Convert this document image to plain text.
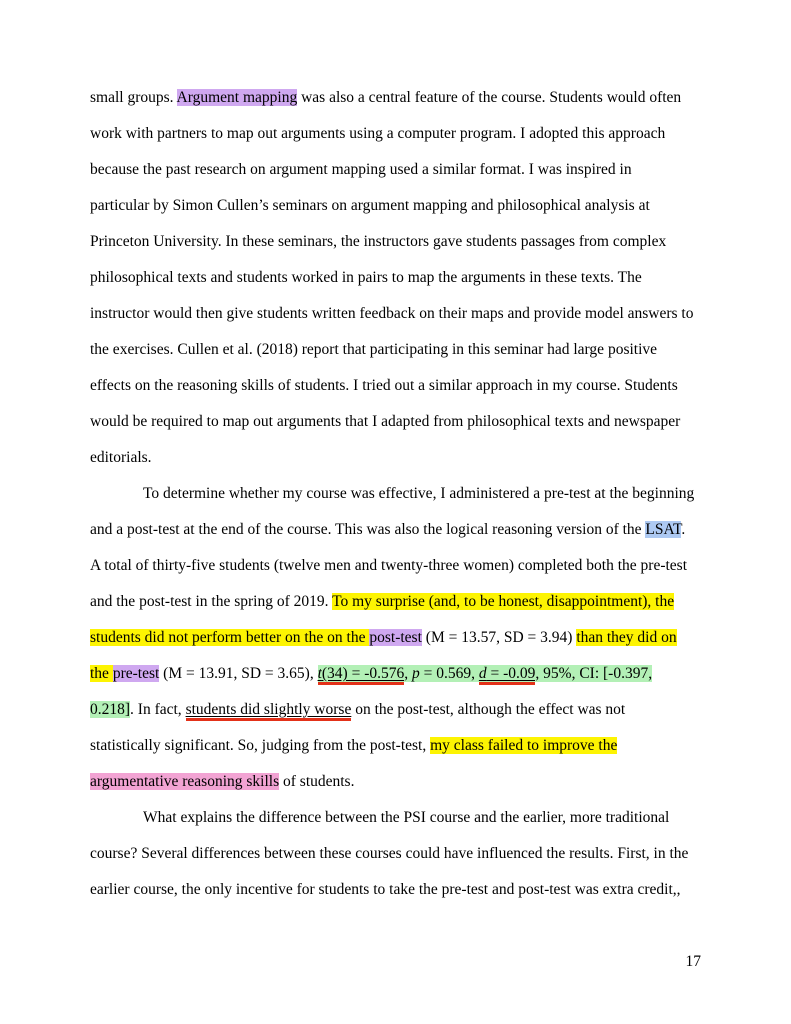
small groups. Argument mapping was also a central feature of the course. Students would often
work with partners to map out arguments using a computer program. I adopted this approach
because the past research on argument mapping used a similar format. I was inspired in
particular by Simon Cullen’s seminars on argument mapping and philosophical analysis at
Princeton University. In these seminars, the instructors gave students passages from complex
philosophical texts and students worked in pairs to map the arguments in these texts. The
instructor would then give students written feedback on their maps and provide model answers to
the exercises. Cullen et al. (2018) report that participating in this seminar had large positive
effects on the reasoning skills of students. I tried out a similar approach in my course. Students
would be required to map out arguments that I adapted from philosophical texts and newspaper
editorials.
To determine whether my course was effective, I administered a pre-test at the beginning
and a post-test at the end of the course. This was also the logical reasoning version of the LSAT.
A total of thirty-five students (twelve men and twenty-three women) completed both the pre-test
and the post-test in the spring of 2019. To my surprise (and, to be honest, disappointment), the
students did not perform better on the on the post-test (M = 13.57, SD = 3.94) than they did on
the pre-test (M = 13.91, SD = 3.65), t(34) = -0.576, p = 0.569, d = -0.09, 95%, CI: [-0.397,
0.218]. In fact, students did slightly worse on the post-test, although the effect was not
statistically significant. So, judging from the post-test, my class failed to improve the
argumentative reasoning skills of students.
What explains the difference between the PSI course and the earlier, more traditional
course? Several differences between these courses could have influenced the results. First, in the
earlier course, the only incentive for students to take the pre-test and post-test was extra credit,,
17
